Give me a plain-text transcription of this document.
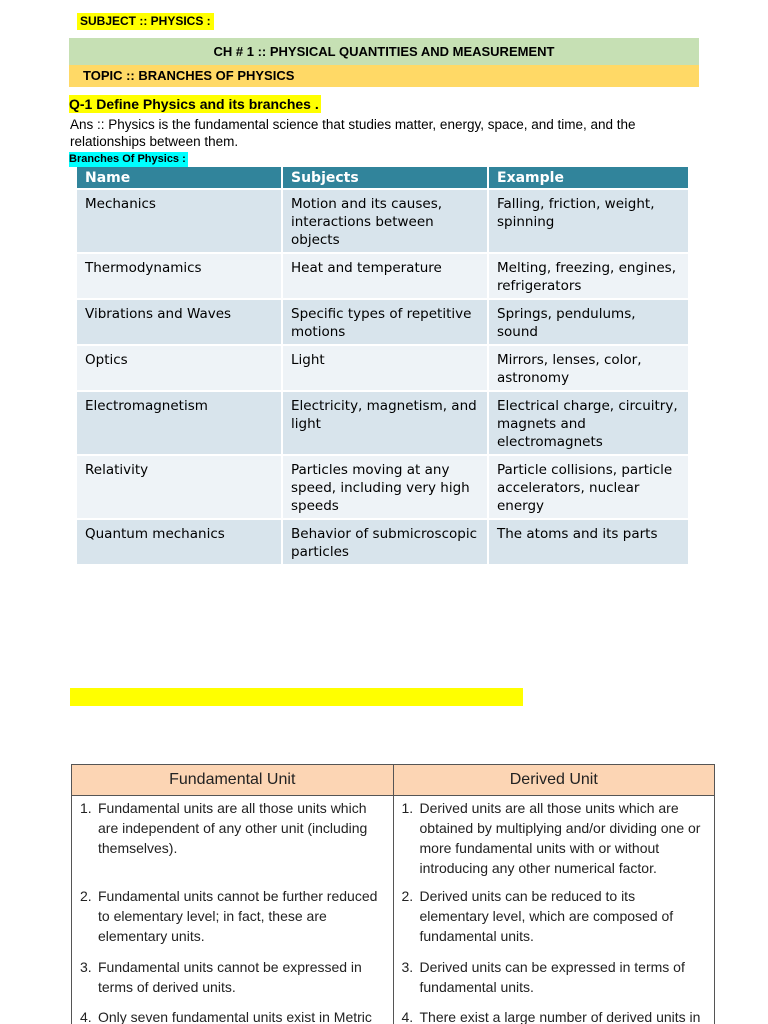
SUBJECT :: PHYSICS :
CH # 1 :: PHYSICAL QUANTITIES AND MEASUREMENT
TOPIC :: BRANCHES OF PHYSICS
Q-1 Define Physics and its branches .
Ans :: Physics is the fundamental science that studies matter, energy, space, and time, and the relationships between them.
Branches Of Physics :
Name	Subjects	Example
Mechanics	Motion and its causes, interactions between objects	Falling, friction, weight, spinning
Thermodynamics	Heat and temperature	Melting, freezing, engines, refrigerators
Vibrations and Waves	Specific types of repetitive motions	Springs, pendulums, sound
Optics	Light	Mirrors, lenses, color, astronomy
Electromagnetism	Electricity, magnetism, and light	Electrical charge, circuitry, magnets and electromagnets
Relativity	Particles moving at any speed, including very high speeds	Particle collisions, particle accelerators, nuclear energy
Quantum mechanics	Behavior of submicroscopic particles	The atoms and its parts
Fundamental Unit	Derived Unit

1. Fundamental units are all those units which are independent of any other unit (including themselves).	1. Derived units are all those units which are obtained by multiplying and/or dividing one or more fundamental units with or without introducing any other numerical factor.

2. Fundamental units cannot be further reduced to elementary level; in fact, these are elementary units.	2. Derived units can be reduced to its elementary level, which are composed of fundamental units.

3. Fundamental units cannot be expressed in terms of derived units.	3. Derived units can be expressed in terms of fundamental units.

4. Only seven fundamental units exist in Metric	4. There exist a large number of derived units in
